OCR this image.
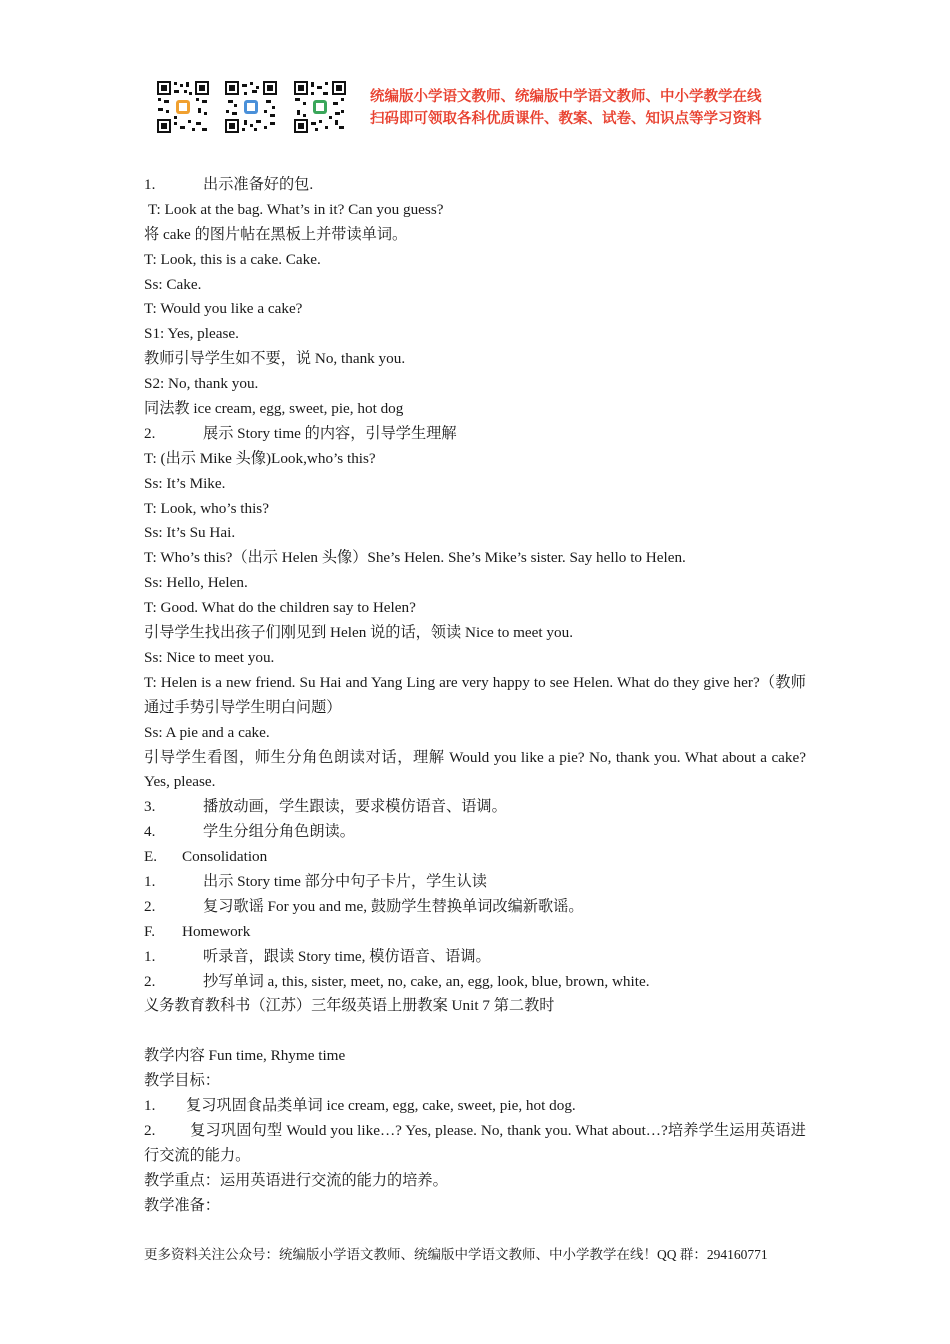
统编版小学语文教师、统编版中学语文教师、中小学教学在线
扫码即可领取各科优质课件、教案、试卷、知识点等学习资料
1.	出示准备好的包.
T: Look at the bag. What’s in it? Can you guess?
将 cake 的图片帖在黑板上并带读单词。
T: Look, this is a cake. Cake.
Ss: Cake.
T: Would you like a cake?
S1: Yes, please.
教师引导学生如不要，说 No, thank you.
S2: No, thank you.
同法教 ice cream, egg, sweet, pie, hot dog
2.	展示 Story time 的内容，引导学生理解
T: (出示 Mike 头像)Look,who’s this?
Ss: It’s Mike.
T: Look, who’s this?
Ss: It’s Su Hai.
T: Who’s this?（出示 Helen 头像）She’s Helen. She’s Mike’s sister. Say hello to Helen.
Ss: Hello, Helen.
T: Good. What do the children say to Helen?
引导学生找出孩子们刚见到 Helen 说的话，领读 Nice to meet you.
Ss: Nice to meet you.
T: Helen is a new friend. Su Hai and Yang Ling are very happy to see Helen. What do they give her?（教师通过手势引导学生明白问题）
Ss: A pie and a cake.
引导学生看图，师生分角色朗读对话，理解 Would you like a pie? No, thank you. What about a cake? Yes, please.
3.	播放动画，学生跟读，要求模仿语音、语调。
4.	学生分组分角色朗读。
E. Consolidation
1.	出示 Story time 部分中句子卡片，学生认读
2.	复习歌谣 For you and me, 鼓励学生替换单词改编新歌谣。
F. Homework
1.	听录音，跟读 Story time, 模仿语音、语调。
2.	抄写单词 a, this, sister, meet, no, cake, an, egg, look, blue, brown, white.
义务教育教科书（江苏）三年级英语上册教案 Unit 7 第二教时
教学内容 Fun time, Rhyme time
教学目标：
1. 复习巩固食品类单词 ice cream, egg, cake, sweet, pie, hot dog.
2. 复习巩固句型 Would you like…? Yes, please. No, thank you. What about…?培养学生运用英语进行交流的能力。
教学重点：运用英语进行交流的能力的培养。
教学准备：
更多资料关注公众号：统编版小学语文教师、统编版中学语文教师、中小学教学在线！QQ 群：294160771
